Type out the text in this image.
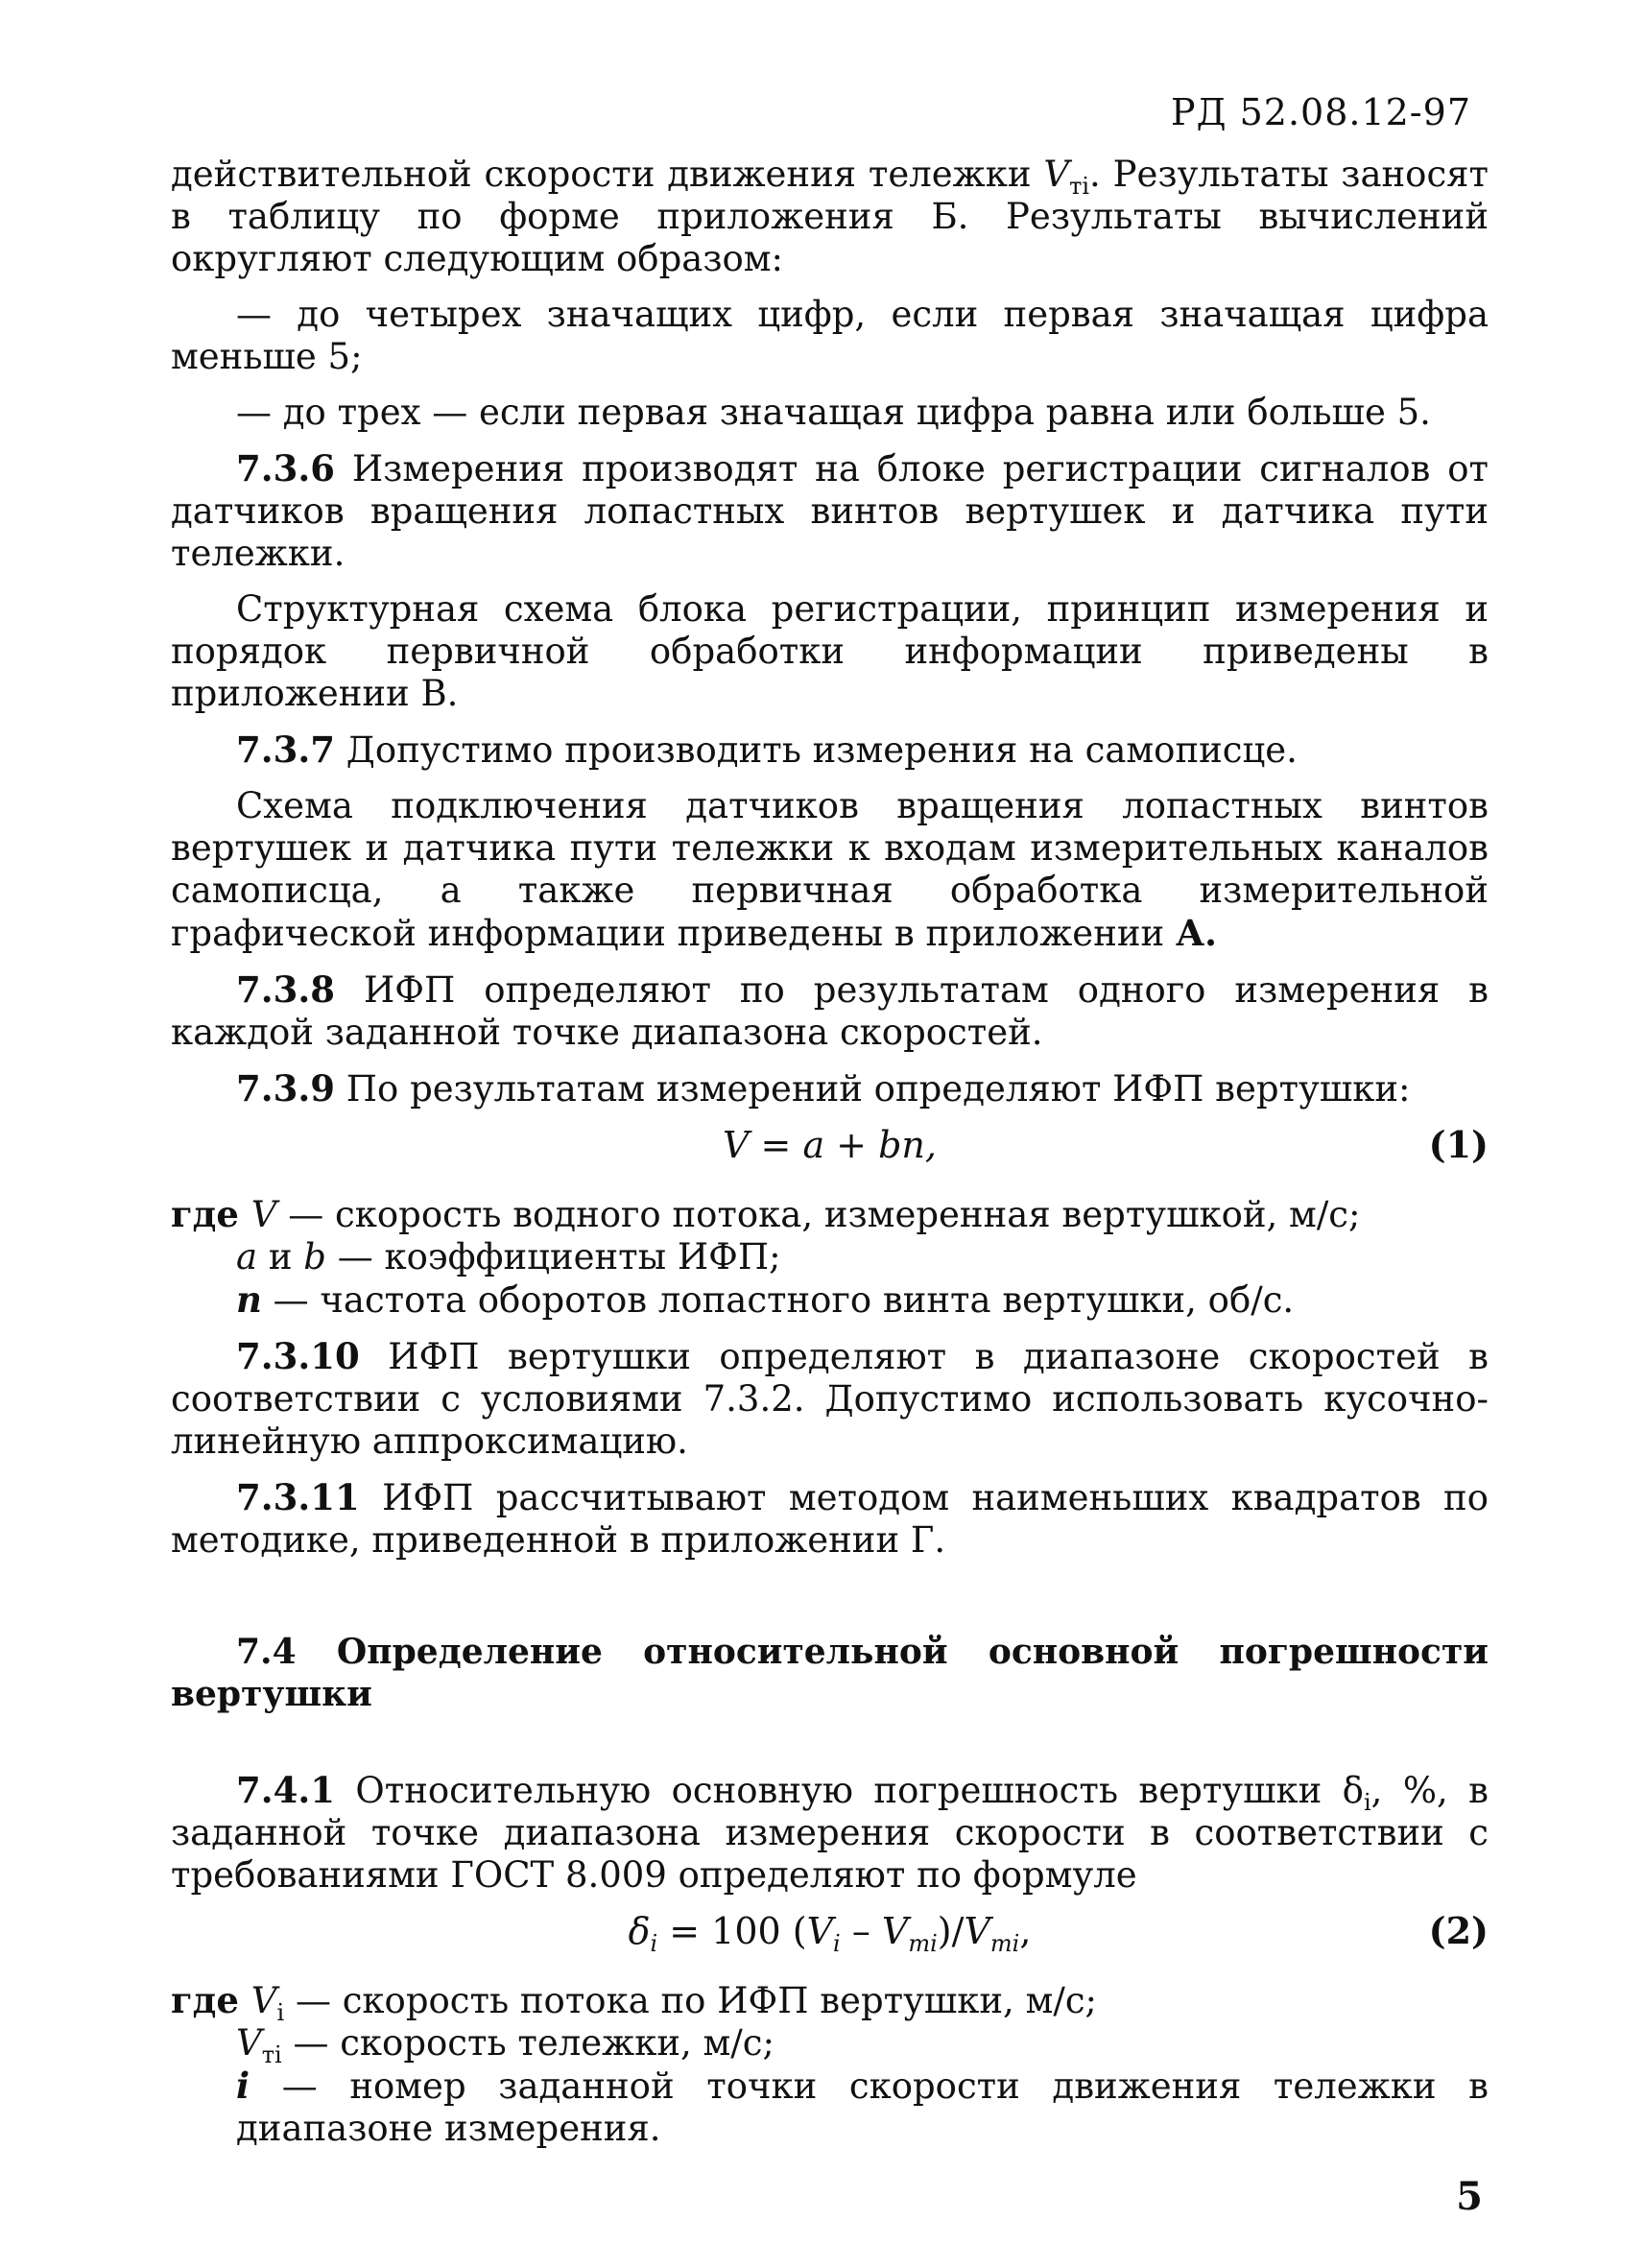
РД 52.08.12-97

действительной скорости движения тележки $V_{тi}$. Результаты заносят в таблицу по форме приложения Б. Результаты вычислений округляют следующим образом:

— до четырех значащих цифр, если первая значащая цифра меньше 5;

— до трех — если первая значащая цифра равна или больше 5.

7.3.6 Измерения производят на блоке регистрации сигналов от датчиков вращения лопастных винтов вертушек и датчика пути тележки.

Структурная схема блока регистрации, принцип измерения и порядок первичной обработки информации приведены в приложении В.

7.3.7 Допустимо производить измерения на самописце.

Схема подключения датчиков вращения лопастных винтов вертушек и датчика пути тележки к входам измерительных каналов самописца, а также первичная обработка измерительной графической информации приведены в приложении А.

7.3.8 ИФП определяют по результатам одного измерения в каждой заданной точке диапазона скоростей.

7.3.9 По результатам измерений определяют ИФП вертушки:

V = a + bn,	(1)

где V — скорость водного потока, измеренная вертушкой, м/с;

a и b — коэффициенты ИФП;

n — частота оборотов лопастного винта вертушки, об/с.

7.3.10 ИФП вертушки определяют в диапазоне скоростей в соответствии с условиями 7.3.2. Допустимо использовать кусочно-линейную аппроксимацию.

7.3.11 ИФП рассчитывают методом наименьших квадратов по методике, приведенной в приложении Г.

7.4 Определение относительной основной погрешности вертушки

7.4.1 Относительную основную погрешность вертушки $\delta_i$, %, в заданной точке диапазона измерения скорости в соответствии с требованиями ГОСТ 8.009 определяют по формуле

$\delta_i = 100$ $(V_i - V_{тi})/V_{тi}$,	(2)

где $V_i$ — скорость потока по ИФП вертушки, м/с;

$V_{тi}$ — скорость тележки, м/с;

i — номер заданной точки скорости движения тележки в диапазоне измерения.

5
